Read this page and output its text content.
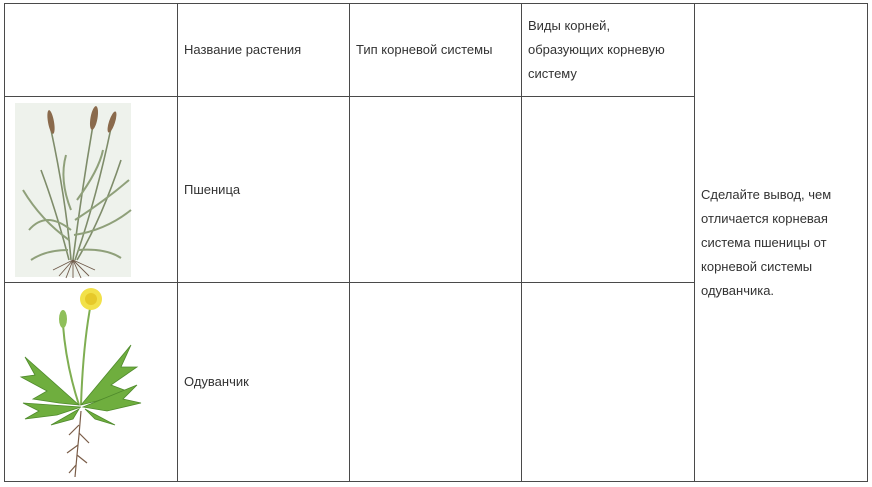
	Название растения	Тип корневой системы	Виды корней, образующих корневую систему	Сделайте вывод, чем отличается корневая система пшеницы от корневой системы одуванчика.

	Пшеница			

	Одуванчик			
